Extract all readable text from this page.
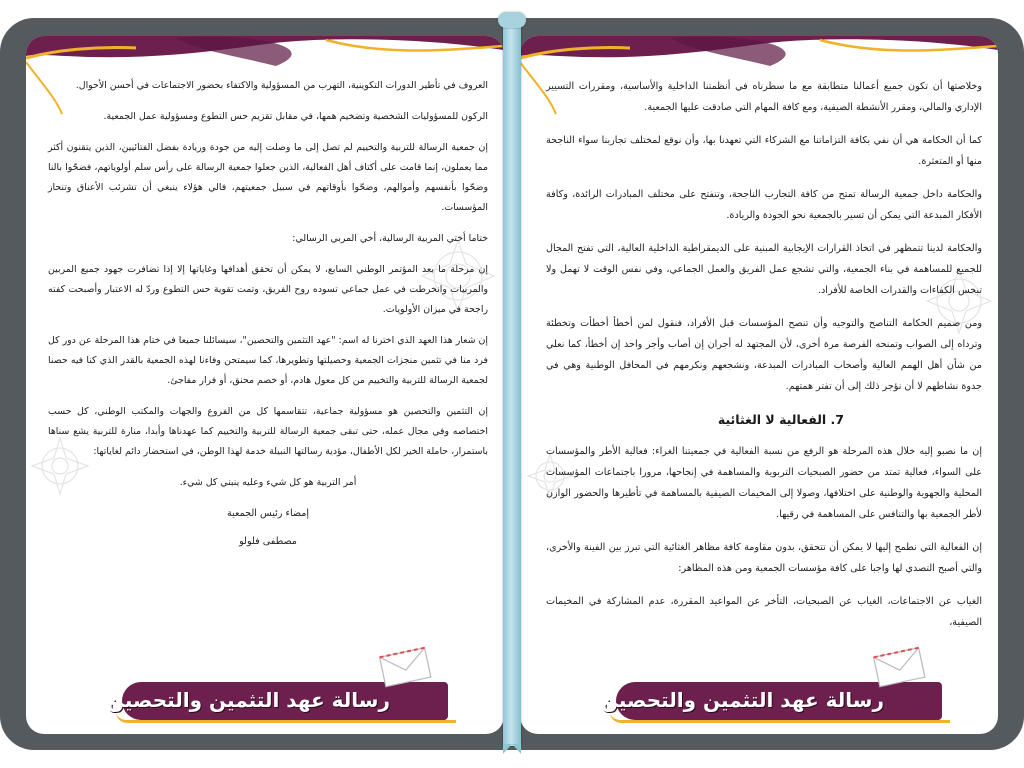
العروف في تأطير الدورات التكوينية، التهرب من المسؤولية والاكتفاء بحضور الاجتماعات في أحسن الأحوال.

الركون للمسؤوليات الشخصية وتضخيم همها، في مقابل تقزيم حس التطوع ومسؤولية عمل الجمعية.

إن جمعية الرسالة للتربية والتخييم لم تصل إلى ما وصلت إليه من جودة وريادة بفضل الفتائيين، الذين يتقنون أكثر مما يعملون، إنما قامت على أكتاف أهل الفعالية، الذين جعلوا جمعية الرسالة على رأس سلم أولوياتهم، فضحّوا بالنا وضحّوا بأنفسهم وأموالهم، وضحّوا بأوقاتهم في سبيل جمعيتهم، فالي هؤلاء ينبغي أن تشرئب الأعناق وتنحاز المؤسسات.

ختاما أختي المربية الرسالية، أخي المربي الرسالي:

إن مرحلة ما بعد المؤتمر الوطني السابع، لا يمكن أن تحقق أهدافها وغاياتها إلا إذا تضافرت جهود جميع المربين والمربيات وانخرطت في عمل جماعي تسوده روح الفريق، وتمت تقوية حس التطوع وردّ له الاعتبار وأصبحت كفته راجحة في ميزان الأولويات.

إن شعار هذا العهد الذي اخترنا له اسم: "عهد التثمين والتحصين"، سيسائلنا جميعا في ختام هذا المرحلة عن دور كل فرد منا في تثمين منجزات الجمعية وحصيلتها وتطويرها، كما سيمتحن وفاءنا لهذه الجمعية بالقدر الذي كنا فيه حصنا لجمعية الرسالة للتربية والتخييم من كل معول هادم، أو خصم محنق، أو فرار مفاجئ.

إن التثمين والتحصين هو مسؤولية جماعية، تتقاسمها كل من الفروع والجهات والمكتب الوطني، كل حسب اختصاصه وفي مجال عمله، حتى تبقى جمعية الرسالة للتربية والتخييم كما عهدناها وأبدا، منارة للتربية يشع سناها باستمرار، حاملة الخير لكل الأطفال، مؤدية رسالتها النبيلة خدمة لهذا الوطن، في استحضار دائم لغاياتها:

أمر التربية هو كل شيء وعليه ينبني كل شيء.

إمضاء رئيس الجمعية

مصطفى فلولو

رسالة عهد التثمين والتحصين

وخلاصتها أن تكون جميع أعمالنا متطابقة مع ما سطرناه في أنظمتنا الداخلية والأساسية، ومقررات التسيير الإداري والمالي، ومقرر الأنشطة الصيفية، ومع كافة المهام التي صادقت عليها الجمعية.

كما أن الحكامة هي أن نفي بكافة التزاماتنا مع الشركاء التي تعهدنا بها، وأن نوقع لمختلف تجاربنا سواء الناجحة منها أو المتعثرة.

والحكامة داخل جمعية الرسالة تمتح من كافة التجارب الناجحة، وتنفتح على مختلف المبادرات الرائدة، وكافة الأفكار المبدعة التي يمكن أن تسير بالجمعية نحو الجودة والريادة.

والحكامة لدينا تتمظهر في اتخاذ القرارات الإيجابية المبنية على الديمقراطية الداخلية العالية، التي تفتح المجال للجميع للمساهمة في بناء الجمعية، والتي تشجع عمل الفريق والعمل الجماعي، وفي نفس الوقت لا تهمل ولا تبخس الكفاءات والقدرات الخاصة للأفراد.

ومن صميم الحكامة التناصح والتوجيه وأن تنصح المؤسسات قبل الأفراد، فنقول لمن أخطأ أخطأت وتخطئة وترداه إلى الصواب وتمنحه الفرصة مرة أخرى، لأن المجتهد له أجران إن أصاب وأجر واحد إن أخطأ، كما نعلي من شأن أهل الهمم العالية وأصحاب المبادرات المبدعة، ونشجعهم ونكرمهم في المحافل الوطنية وهي في جدوة نشاطهم لا أن نؤجر ذلك إلى أن تفتر همتهم.

7. الفعالية لا الغثائية

إن ما نصبو إليه خلال هذه المرحلة هو الرفع من نسبة الفعالية في جمعيتنا الغراء: فعالية الأطر والمؤسسات على السواء، فعالية تمتد من حضور الصبحيات التربوية والمساهمة في إنجاحها، مرورا باجتماعات المؤسسات المحلية والجهوية والوطنية على اختلافها، وصولا إلى المخيمات الصيفية بالمساهمة في تأطيرها والحضور الوازن لأطر الجمعية بها والتنافس على المساهمة في رقيها.

إن الفعالية التي نطمح إليها لا يمكن أن تتحقق، بدون مقاومة كافة مظاهر الغثائية التي تبرز بين الفينة والأخرى، والتي أصبح التصدي لها واجبا على كافة مؤسسات الجمعية ومن هذه المظاهر:

الغياب عن الاجتماعات، الغياب عن الصبحيات، التأخر عن المواعيد المقررة، عدم المشاركة في المخيمات الصيفية،

رسالة عهد التثمين والتحصين
